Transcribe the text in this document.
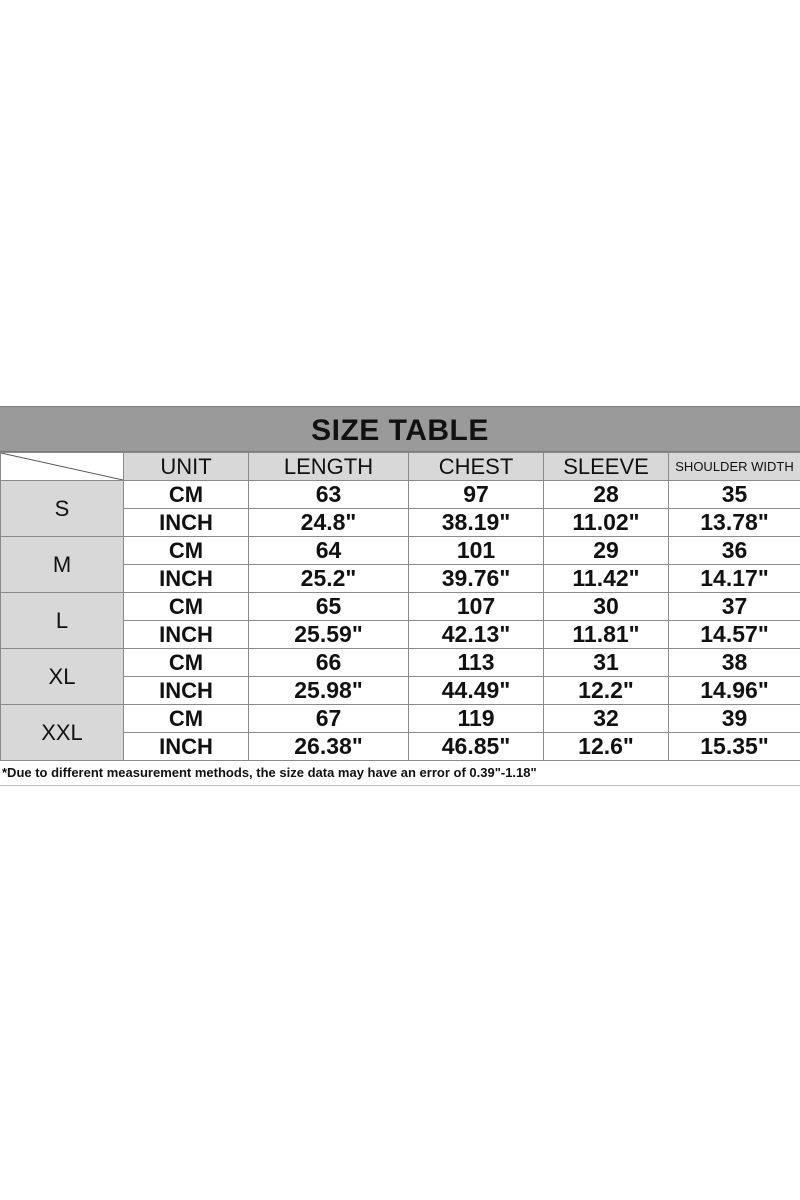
SIZE TABLE
	UNIT	LENGTH	CHEST	SLEEVE	SHOULDER WIDTH
S	CM	63	97	28	35
	INCH	24.8"	38.19"	11.02"	13.78"
M	CM	64	101	29	36
	INCH	25.2"	39.76"	11.42"	14.17"
L	CM	65	107	30	37
	INCH	25.59"	42.13"	11.81"	14.57"
XL	CM	66	113	31	38
	INCH	25.98"	44.49"	12.2"	14.96"
XXL	CM	67	119	32	39
	INCH	26.38"	46.85"	12.6"	15.35"
*Due to different measurement methods, the size data may have an error of 0.39"-1.18"
